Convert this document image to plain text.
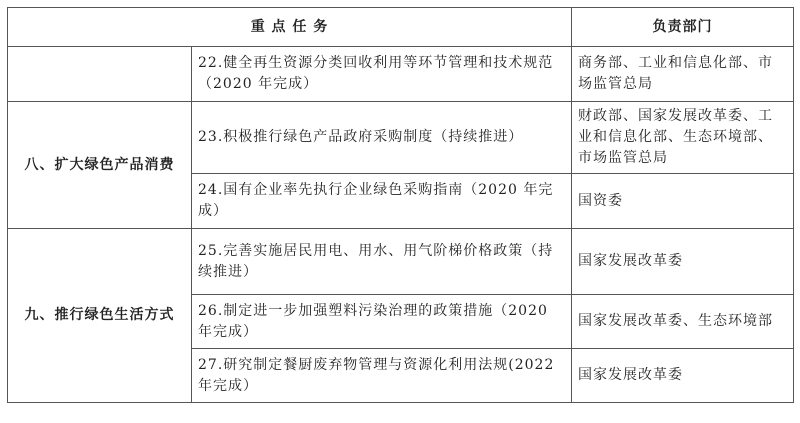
重 点 任 务		负责部门
	22.健全再生资源分类回收利用等环节管理和技术规范（2020 年完成）	商务部、工业和信息化部、市场监管总局
八、扩大绿色产品消费	23.积极推行绿色产品政府采购制度（持续推进）	财政部、国家发展改革委、工业和信息化部、生态环境部、市场监管总局
	24.国有企业率先执行企业绿色采购指南（2020 年完成）	国资委
九、推行绿色生活方式	25.完善实施居民用电、用水、用气阶梯价格政策（持续推进）	国家发展改革委
	26.制定进一步加强塑料污染治理的政策措施（2020 年完成）	国家发展改革委、生态环境部
	27.研究制定餐厨废弃物管理与资源化利用法规(2022 年完成）	国家发展改革委
